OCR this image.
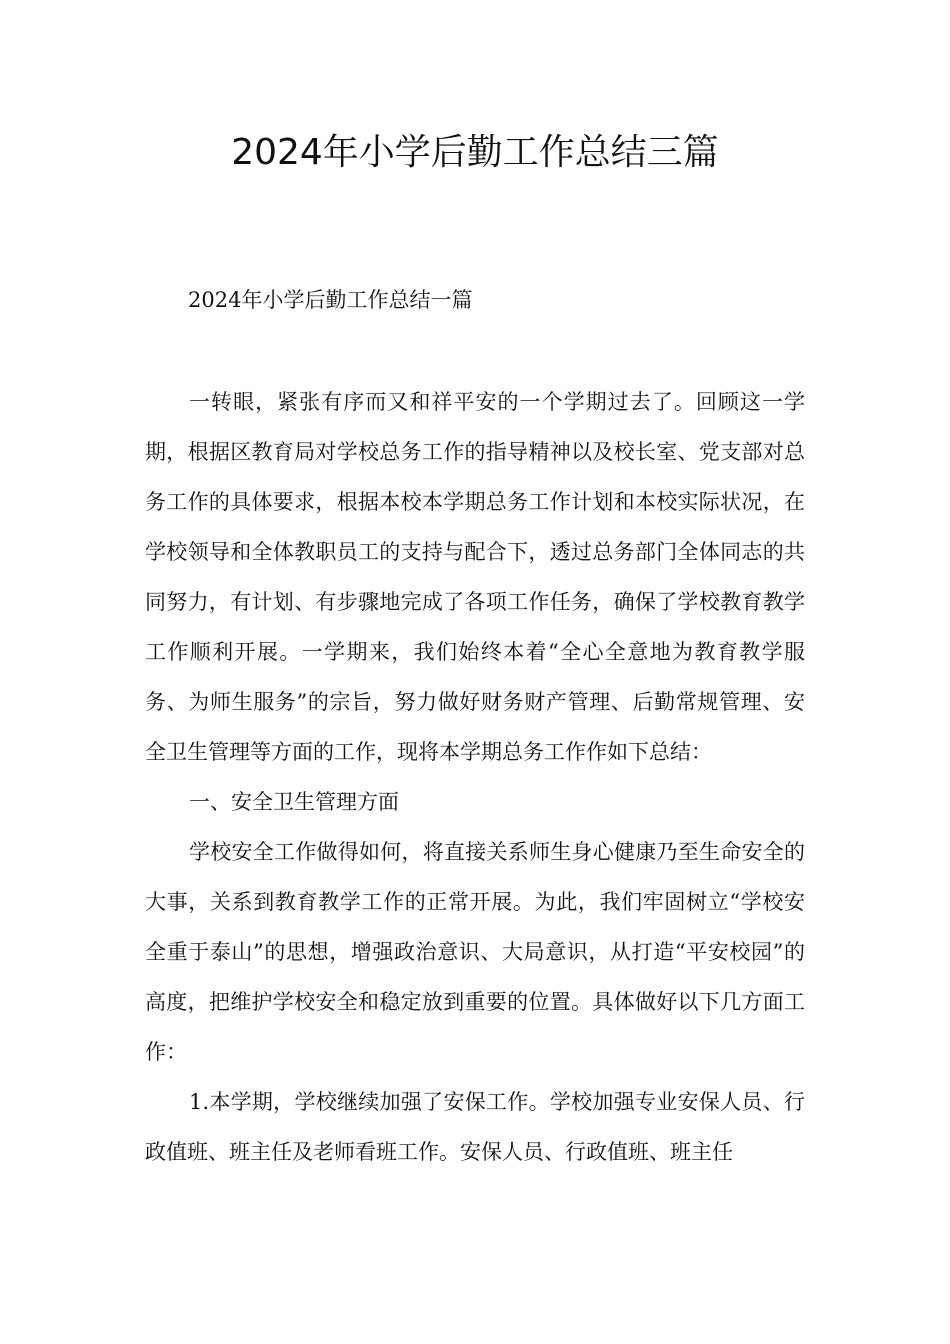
2024年小学后勤工作总结三篇

2024年小学后勤工作总结一篇

一转眼，紧张有序而又和祥平安的一个学期过去了。回顾这一学期，根据区教育局对学校总务工作的指导精神以及校长室、党支部对总务工作的具体要求，根据本校本学期总务工作计划和本校实际状况，在学校领导和全体教职员工的支持与配合下，透过总务部门全体同志的共同努力，有计划、有步骤地完成了各项工作任务，确保了学校教育教学工作顺利开展。一学期来，我们始终本着“全心全意地为教育教学服务、为师生服务”的宗旨，努力做好财务财产管理、后勤常规管理、安全卫生管理等方面的工作，现将本学期总务工作作如下总结：

一、安全卫生管理方面

学校安全工作做得如何，将直接关系师生身心健康乃至生命安全的大事，关系到教育教学工作的正常开展。为此，我们牢固树立“学校安全重于泰山”的思想，增强政治意识、大局意识，从打造“平安校园”的高度，把维护学校安全和稳定放到重要的位置。具体做好以下几方面工作：

1.本学期，学校继续加强了安保工作。学校加强专业安保人员、行政值班、班主任及老师看班工作。安保人员、行政值班、班主任
